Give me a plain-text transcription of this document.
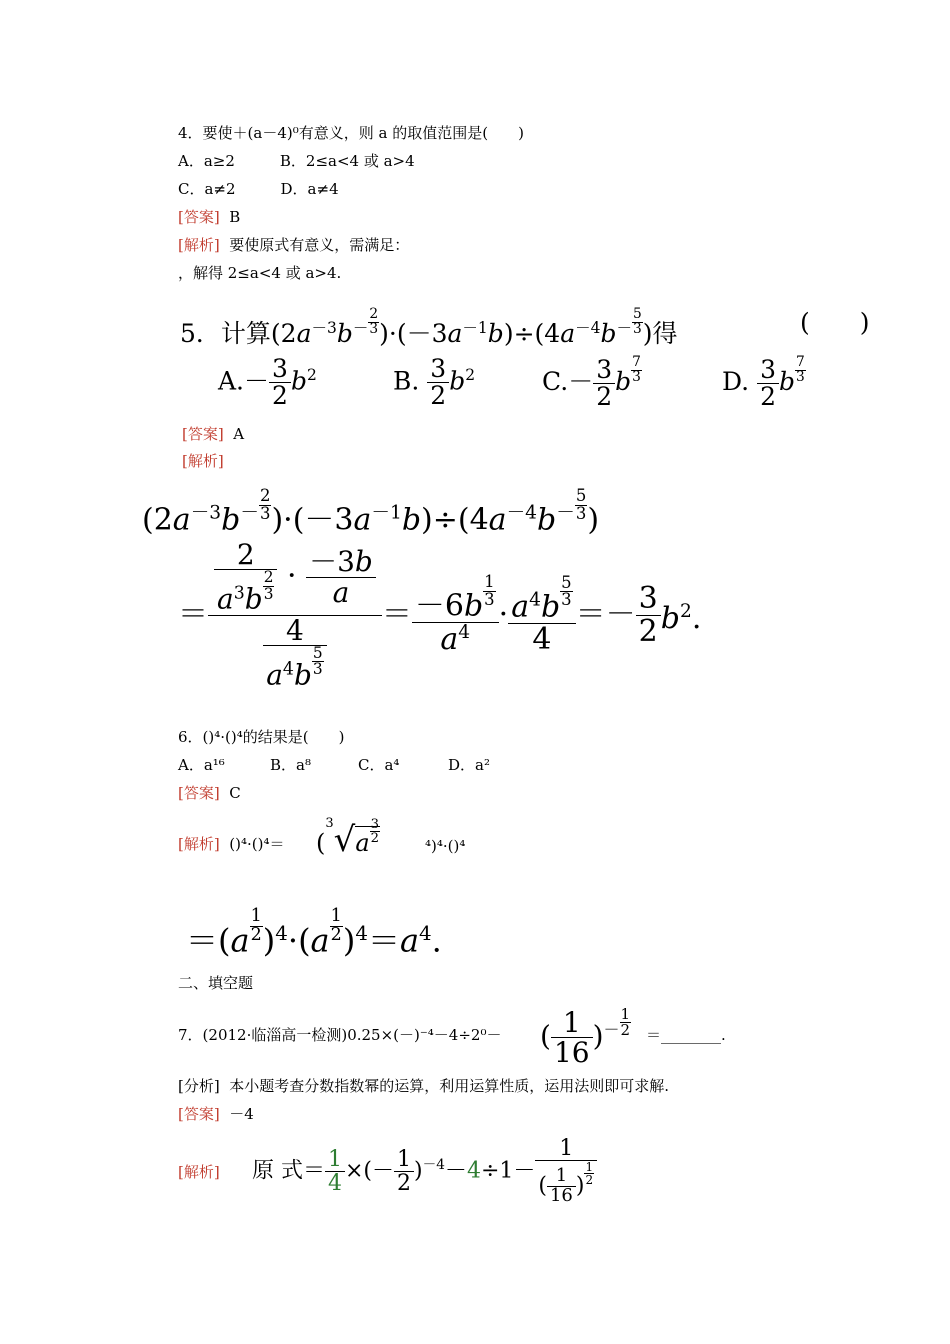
4．要使＋(a－4)⁰有意义，则 a 的取值范围是(　　)
A．a≥2　　　B．2≤a<4 或 a>4
C．a≠2　　　D．a≠4
[答案] B
[解析] 要使原式有意义，需满足：
，解得 2≤a<4 或 a>4.
5．计算$(2a^{-3}b^- \frac{2}{3} )\cdot(-3a^{-1}b)\div(4a^{-4}b^- \frac{5}{3}$ )得	(　　)
$A.- \frac{3}{2} b^2$	B. $\frac{3}{2} b^2$	$C.- \frac{3}{2}$ b $\frac{7}{3}$	D. $\frac{3}{2}$ b $\frac{7}{3}$
[答案] A
[解析]
$(2a^{-3}b^- \frac{2}{3} )\cdot(-3a^{-1}b)\div(4a^{-4}b^- \frac{5}{3}$ )
＝ $\frac{\frac{2}{a^3b \frac{2}{3}} \cdot \frac{-3b}{a}}{\frac{4}{a^4b \frac{5}{3}}} = \frac{-6b \frac{1}{3}}{a^4} \cdot \frac{a^4b \frac{5}{3}}{4} =- \frac{3}{2} b^2$.
6．()⁴·()⁴的结果是(　　)
A．a¹⁶	B．a⁸	C．a⁴	D．a²
[答案] C
[解析] $()^4\cdot()^4= (^3√a \frac{3}{2}$
⁴)⁴·()⁴
$=(a \frac{1}{2} )^4\cdot(a \frac{1}{2} )^4=a^4$.
二、填空题
7．(2012·临淄高一检测)0.25×(－)⁻⁴－4÷2⁰－ ( $\frac{1}{16} )^- \frac{1}{2}$ ＝________.
[分析] 本小题考查分数指数幂的运算，利用运算性质，运用法则即可求解.
[答案] －4
[解析] 原 式＝ $\frac{1}{4}$ ×(－ $\frac{1}{2} )^{-4}-4\div 1- \frac{1}{( \frac{1}{16} ) \frac{1}{2}}$
